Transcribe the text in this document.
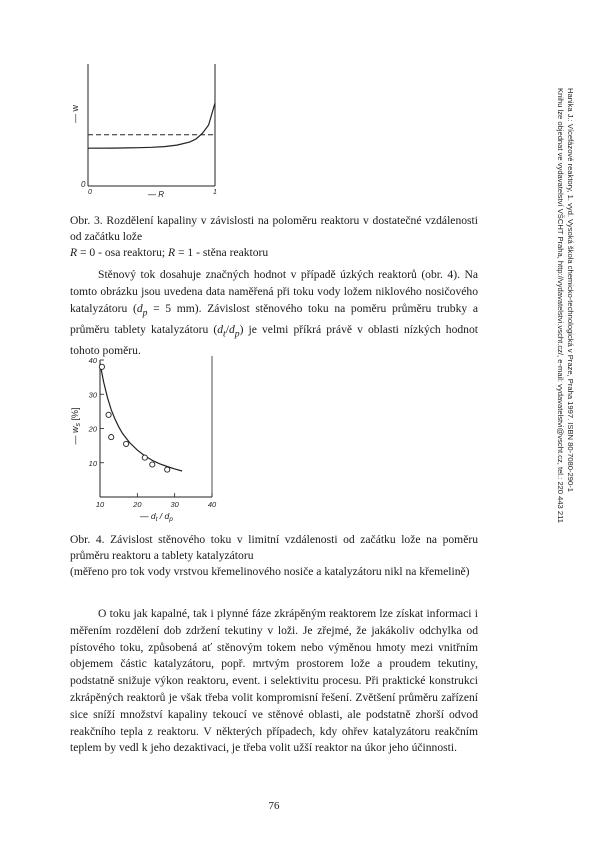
Hanika J.: Vícefázové reaktory, 1. vyd. Vysoká škola chemicko-technologická v Praze, Praha 1997. ISBN 80-7080-290-1
Knihu lze objednat ve vydavatelství VŠCHT Praha, http://vydavatelstvi.vscht.cz/, e-mail: vydavatelstvi@vscht.cz, tel.: 220 443 211
— w
0
0	1
— R
Obr. 3. Rozdělení kapaliny v závislosti na poloměru reaktoru v dostatečné vzdálenosti od začátku lože
R = 0 - osa reaktoru; R = 1 - stěna reaktoru
Stěnový tok dosahuje značných hodnot v případě úzkých reaktorů (obr. 4). Na tomto obrázku jsou uvedena data naměřená při toku vody ložem niklového nosičového katalyzátoru ($d_p = 5$ mm). Závislost stěnového toku na poměru průměru trubky a průměru tablety katalyzátoru $(d_t/d_p)$ je velmi příkrá právě v oblasti nízkých hodnot tohoto poměru.
10
20
30
40
10	20	30	40
— $w_s$ [%]
— $d_t / d_p$
Obr. 4. Závislost stěnového toku v limitní vzdálenosti od začátku lože na poměru průměru reaktoru a tablety katalyzátoru
(měřeno pro tok vody vrstvou křemelinového nosiče a katalyzátoru nikl na křemelině)
O toku jak kapalné, tak i plynné fáze zkrápěným reaktorem lze získat informaci i měřením rozdělení dob zdržení tekutiny v loži. Je zřejmé, že jakákoliv odchylka od pístového toku, způsobená ať stěnovým tokem nebo výměnou hmoty mezi vnitřním objemem částic katalyzátoru, popř. mrtvým prostorem lože a proudem tekutiny, podstatně snižuje výkon reaktoru, event. i selektivitu procesu. Při praktické konstrukci zkrápěných reaktorů je však třeba volit kompromisní řešení. Zvětšení průměru zařízení sice sníží množství kapaliny tekoucí ve stěnové oblasti, ale podstatně zhorší odvod reakčního tepla z reaktoru. V některých případech, kdy ohřev katalyzátoru reakčním teplem by vedl k jeho dezaktivaci, je třeba volit užší reaktor na úkor jeho účinnosti.
76
